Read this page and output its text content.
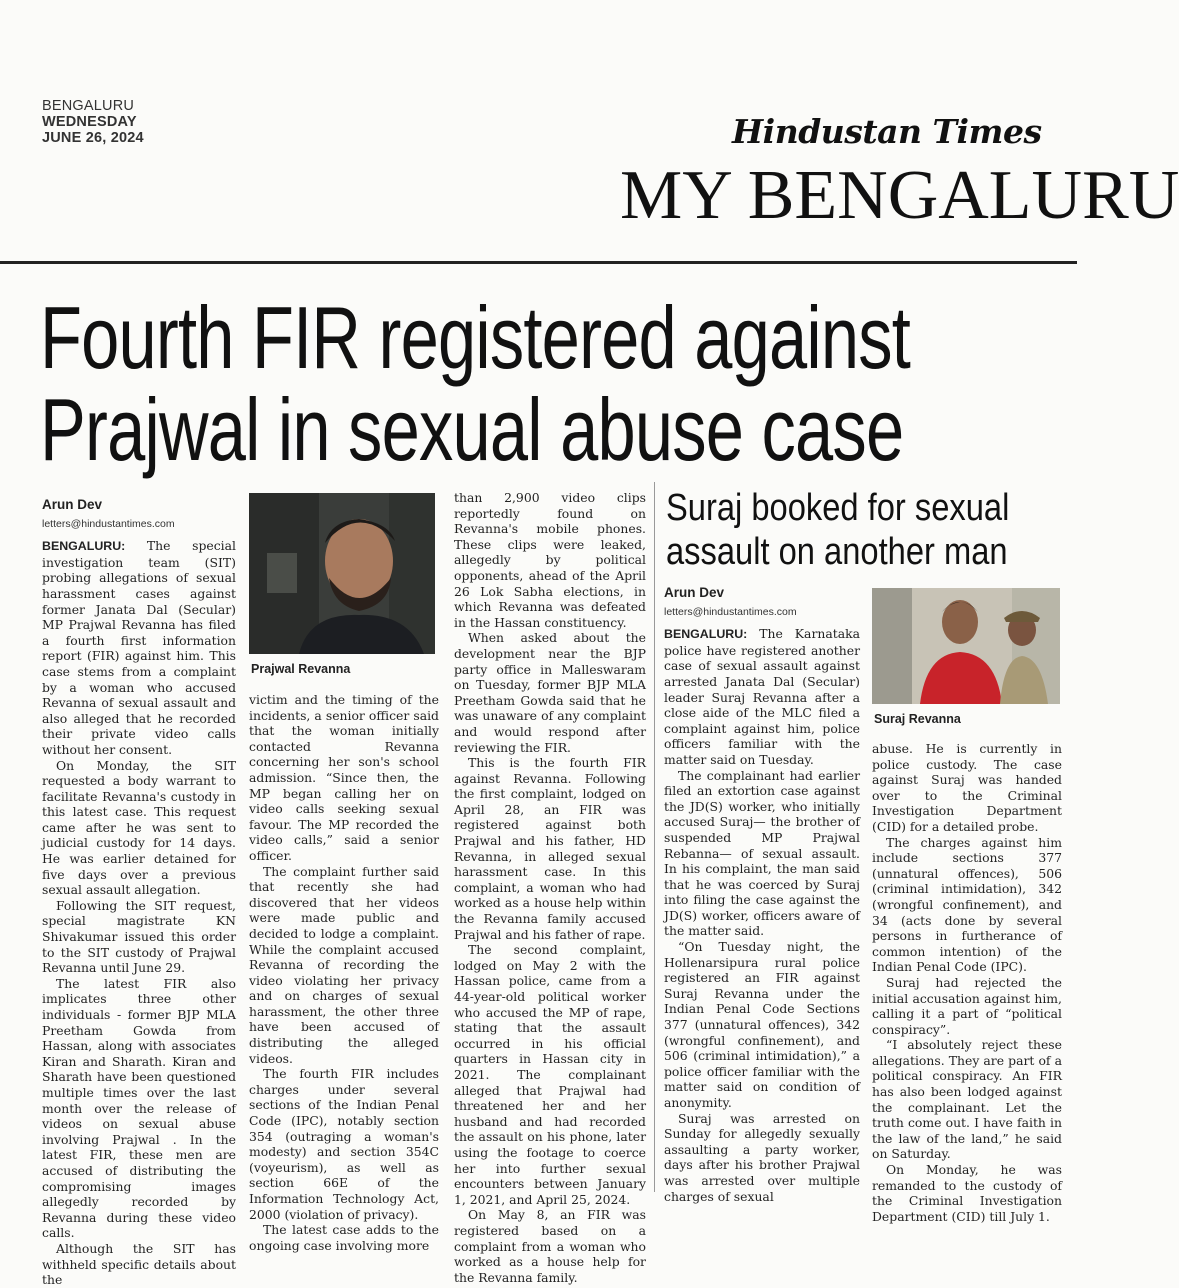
BENGALURU
WEDNESDAY
JUNE 26, 2024	Hindustan Times
MY BENGALURU
Fourth FIR registered against
Prajwal in sexual abuse case
Arun Dev
letters@hindustantimes.com

BENGALURU: The special investigation team (SIT) probing allegations of sexual harassment cases against former Janata Dal (Secular) MP Prajwal Revanna has filed a fourth first information report (FIR) against him. This case stems from a complaint by a woman who accused Revanna of sexual assault and also alleged that he recorded their private video calls without her consent.

On Monday, the SIT requested a body warrant to facilitate Revanna's custody in this latest case. This request came after he was sent to judicial custody for 14 days. He was earlier detained for five days over a previous sexual assault allegation.

Following the SIT request, special magistrate KN Shivakumar issued this order to the SIT custody of Prajwal Revanna until June 29.

The latest FIR also implicates three other individuals - former BJP MLA Preetham Gowda from Hassan, along with associates Kiran and Sharath. Kiran and Sharath have been questioned multiple times over the last month over the release of videos on sexual abuse involving Prajwal . In the latest FIR, these men are accused of distributing the compromising images allegedly recorded by Revanna during these video calls.

Although the SIT has withheld specific details about the

Prajwal Revanna

victim and the timing of the incidents, a senior officer said that the woman initially contacted Revanna concerning her son's school admission. “Since then, the MP began calling her on video calls seeking sexual favour. The MP recorded the video calls,” said a senior officer.

The complaint further said that recently she had discovered that her videos were made public and decided to lodge a complaint. While the complaint accused Revanna of recording the video violating her privacy and on charges of sexual harassment, the other three have been accused of distributing the alleged videos.

The fourth FIR includes charges under several sections of the Indian Penal Code (IPC), notably section 354 (outraging a woman's modesty) and section 354C (voyeurism), as well as section 66E of the Information Technology Act, 2000 (violation of privacy).

The latest case adds to the ongoing case involving more

than 2,900 video clips reportedly found on Revanna's mobile phones. These clips were leaked, allegedly by political opponents, ahead of the April 26 Lok Sabha elections, in which Revanna was defeated in the Hassan constituency.

When asked about the development near the BJP party office in Malleswaram on Tuesday, former BJP MLA Preetham Gowda said that he was unaware of any complaint and would respond after reviewing the FIR.

This is the fourth FIR against Revanna. Following the first complaint, lodged on April 28, an FIR was registered against both Prajwal and his father, HD Revanna, in alleged sexual harassment case. In this complaint, a woman who had worked as a house help within the Revanna family accused Prajwal and his father of rape.

The second complaint, lodged on May 2 with the Hassan police, came from a 44-year-old political worker who accused the MP of rape, stating that the assault occurred in his official quarters in Hassan city in 2021. The complainant alleged that Prajwal had threatened her and her husband and had recorded the assault on his phone, later using the footage to coerce her into further sexual encounters between January 1, 2021, and April 25, 2024.

On May 8, an FIR was registered based on a complaint from a woman who worked as a house help for the Revanna family.

Suraj booked for sexual
assault on another man
Arun Dev
letters@hindustantimes.com

BENGALURU: The Karnataka police have registered another case of sexual assault against arrested Janata Dal (Secular) leader Suraj Revanna after a close aide of the MLC filed a complaint against him, police officers familiar with the matter said on Tuesday.

The complainant had earlier filed an extortion case against the JD(S) worker, who initially accused Suraj— the brother of suspended MP Prajwal Rebanna— of sexual assault. In his complaint, the man said that he was coerced by Suraj into filing the case against the JD(S) worker, officers aware of the matter said.

“On Tuesday night, the Hollenarsipura rural police registered an FIR against Suraj Revanna under the Indian Penal Code Sections 377 (unnatural offences), 342 (wrongful confinement), and 506 (criminal intimidation),” a police officer familiar with the matter said on condition of anonymity.

Suraj was arrested on Sunday for allegedly sexually assaulting a party worker, days after his brother Prajwal was arrested over multiple charges of sexual

Suraj Revanna

abuse. He is currently in police custody. The case against Suraj was handed over to the Criminal Investigation Department (CID) for a detailed probe.

The charges against him include sections 377 (unnatural offences), 506 (criminal intimidation), 342 (wrongful confinement), and 34 (acts done by several persons in furtherance of common intention) of the Indian Penal Code (IPC).

Suraj had rejected the initial accusation against him, calling it a part of “political conspiracy”.

“I absolutely reject these allegations. They are part of a political conspiracy. An FIR has also been lodged against the complainant. Let the truth come out. I have faith in the law of the land,” he said on Saturday.

On Monday, he was remanded to the custody of the Criminal Investigation Department (CID) till July 1.
